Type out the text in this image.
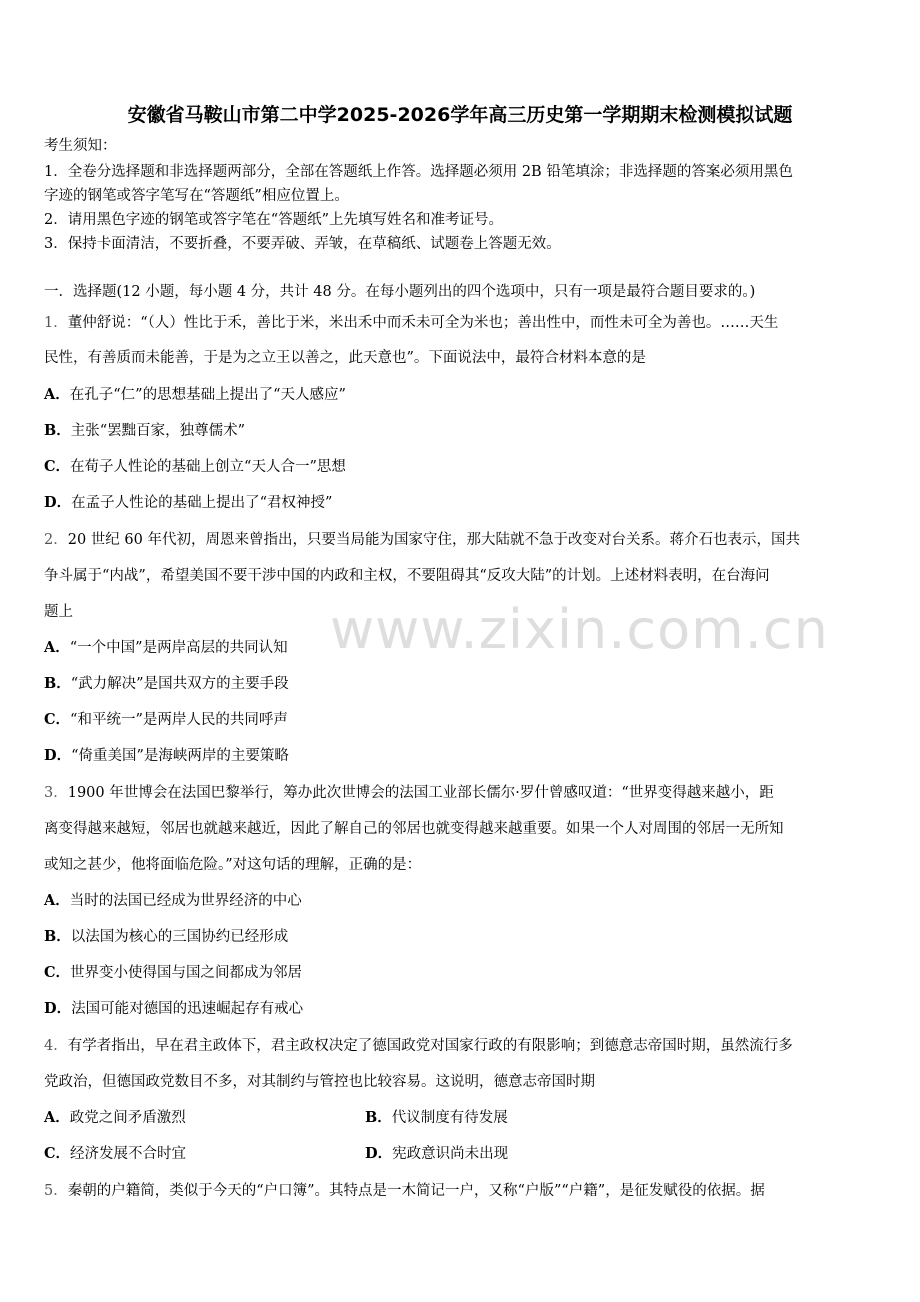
安徽省马鞍山市第二中学2025-2026学年高三历史第一学期期末检测模拟试题
考生须知：
1．全卷分选择题和非选择题两部分，全部在答题纸上作答。选择题必须用 2B 铅笔填涂；非选择题的答案必须用黑色
字迹的钢笔或答字笔写在“答题纸”相应位置上。
2．请用黑色字迹的钢笔或答字笔在“答题纸”上先填写姓名和准考证号。
3．保持卡面清洁，不要折叠，不要弄破、弄皱，在草稿纸、试题卷上答题无效。
一．选择题(12 小题，每小题 4 分，共计 48 分。在每小题列出的四个选项中，只有一项是最符合题目要求的。)
1．董仲舒说：“（人）性比于禾，善比于米，米出禾中而禾未可全为米也；善出性中，而性未可全为善也。……天生
民性，有善质而未能善，于是为之立王以善之，此天意也”。下面说法中，最符合材料本意的是
A．在孔子“仁”的思想基础上提出了“天人感应”
B．主张“罢黜百家，独尊儒术”
C．在荀子人性论的基础上创立“天人合一”思想
D．在孟子人性论的基础上提出了“君权神授”
2．20 世纪 60 年代初，周恩来曾指出，只要当局能为国家守住，那大陆就不急于改变对台关系。蒋介石也表示，国共
争斗属于“内战”，希望美国不要干涉中国的内政和主权，不要阻碍其“反攻大陆”的计划。上述材料表明，在台海问
题上
A．“一个中国”是两岸高层的共同认知
B．“武力解决”是国共双方的主要手段
C．“和平统一”是两岸人民的共同呼声
D．“倚重美国”是海峡两岸的主要策略
3．1900 年世博会在法国巴黎举行，筹办此次世博会的法国工业部长儒尔·罗什曾感叹道：“世界变得越来越小，距
离变得越来越短，邻居也就越来越近，因此了解自己的邻居也就变得越来越重要。如果一个人对周围的邻居一无所知
或知之甚少，他将面临危险。”对这句话的理解，正确的是：
A．当时的法国已经成为世界经济的中心
B．以法国为核心的三国协约已经形成
C．世界变小使得国与国之间都成为邻居
D．法国可能对德国的迅速崛起存有戒心
4．有学者指出，早在君主政体下，君主政权决定了德国政党对国家行政的有限影响；到德意志帝国时期，虽然流行多
党政治，但德国政党数目不多，对其制约与管控也比较容易。这说明，德意志帝国时期
A．政党之间矛盾激烈	B．代议制度有待发展
C．经济发展不合时宜	D．宪政意识尚未出现
5．秦朝的户籍简，类似于今天的“户口簿”。其特点是一木简记一户，又称“户版”“户籍”，是征发赋役的依据。据
www.zixin.com.cn
